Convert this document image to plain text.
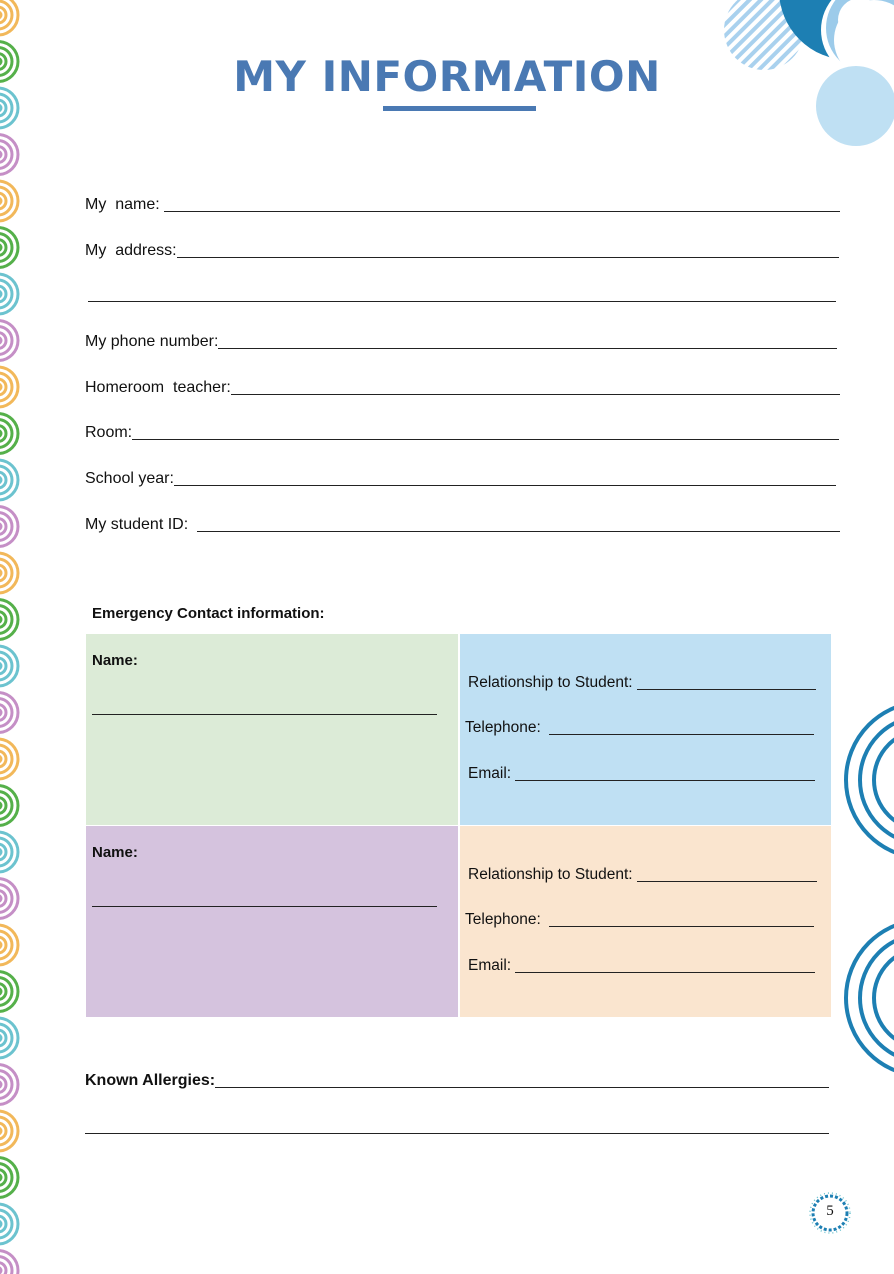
MY INFORMATION
My  name:
My  address:
My phone number:
Homeroom  teacher:
Room:
School year:
My student ID:
Emergency Contact information:
Name:
Relationship to Student:
Telephone:
Email:
Name:
Relationship to Student:
Telephone:
Email:
Known Allergies:
5
